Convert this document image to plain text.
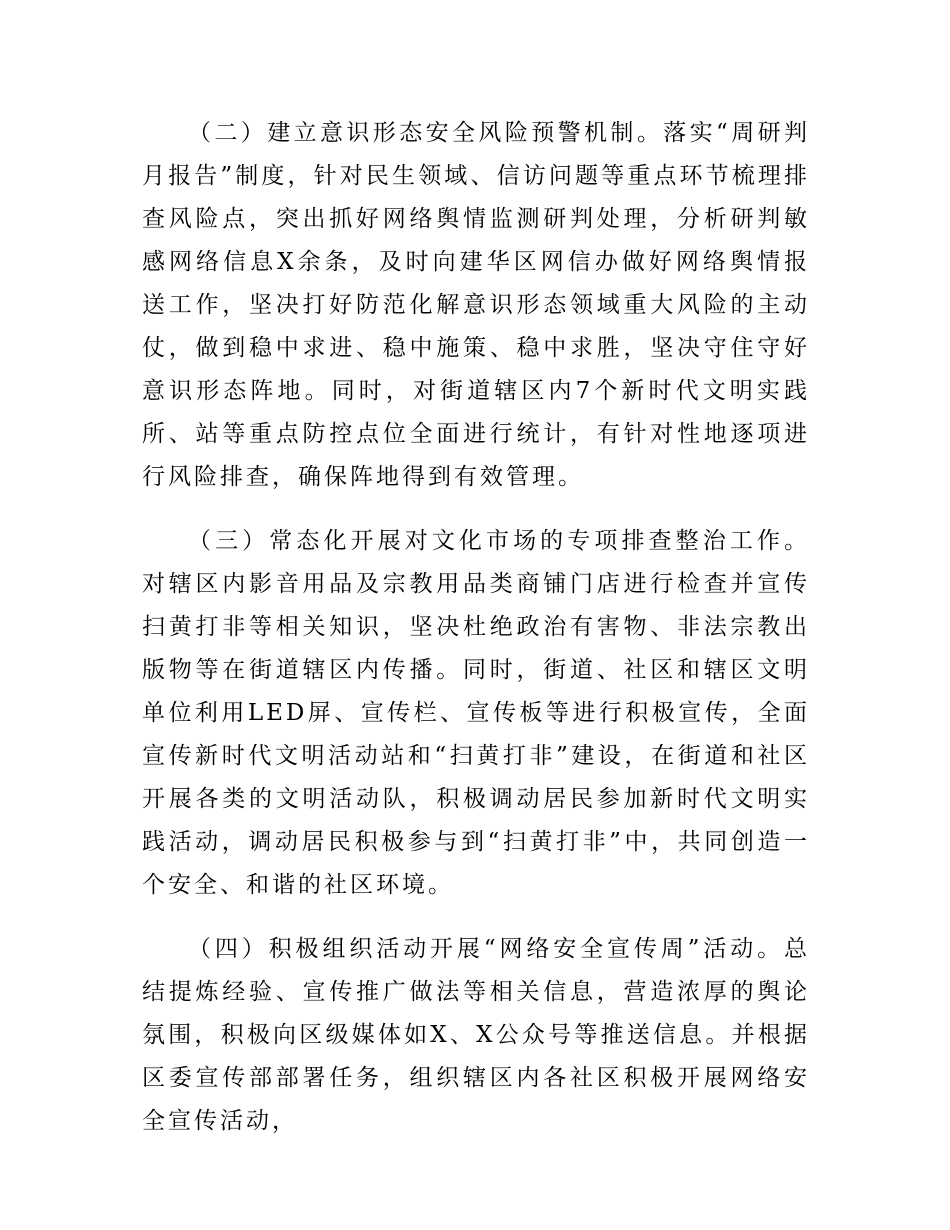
（二）建立意识形态安全风险预警机制。落实“周研判月报告”制度，针对民生领域、信访问题等重点环节梳理排查风险点，突出抓好网络舆情监测研判处理，分析研判敏感网络信息X余条，及时向建华区网信办做好网络舆情报送工作，坚决打好防范化解意识形态领域重大风险的主动仗，做到稳中求进、稳中施策、稳中求胜，坚决守住守好意识形态阵地。同时，对街道辖区内7个新时代文明实践所、站等重点防控点位全面进行统计，有针对性地逐项进行风险排查，确保阵地得到有效管理。

（三）常态化开展对文化市场的专项排查整治工作。对辖区内影音用品及宗教用品类商铺门店进行检查并宣传扫黄打非等相关知识，坚决杜绝政治有害物、非法宗教出版物等在街道辖区内传播。同时，街道、社区和辖区文明单位利用LED屏、宣传栏、宣传板等进行积极宣传，全面宣传新时代文明活动站和“扫黄打非”建设，在街道和社区开展各类的文明活动队，积极调动居民参加新时代文明实践活动，调动居民积极参与到“扫黄打非”中，共同创造一个安全、和谐的社区环境。

（四）积极组织活动开展“网络安全宣传周”活动。总结提炼经验、宣传推广做法等相关信息，营造浓厚的舆论氛围，积极向区级媒体如X、X公众号等推送信息。并根据区委宣传部部署任务，组织辖区内各社区积极开展网络安全宣传活动，
